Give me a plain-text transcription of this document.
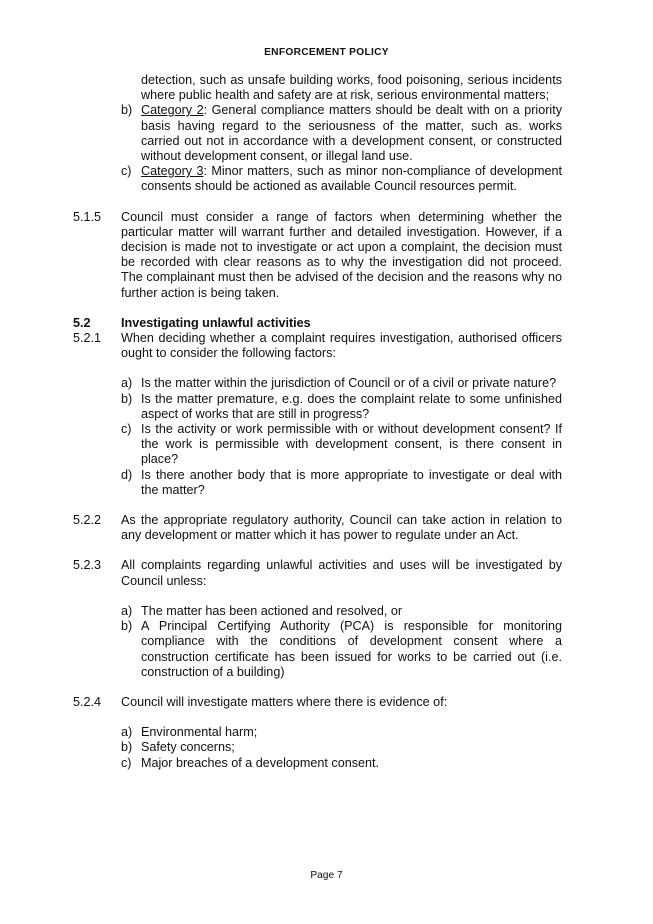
ENFORCEMENT POLICY

detection, such as unsafe building works, food poisoning, serious incidents where public health and safety are at risk, serious environmental matters;

b) Category 2: General compliance matters should be dealt with on a priority basis having regard to the seriousness of the matter, such as. works carried out not in accordance with a development consent, or constructed without development consent, or illegal land use.

c) Category 3: Minor matters, such as minor non-compliance of development consents should be actioned as available Council resources permit.

5.1.5 Council must consider a range of factors when determining whether the particular matter will warrant further and detailed investigation. However, if a decision is made not to investigate or act upon a complaint, the decision must be recorded with clear reasons as to why the investigation did not proceed. The complainant must then be advised of the decision and the reasons why no further action is being taken.

5.2 Investigating unlawful activities

5.2.1 When deciding whether a complaint requires investigation, authorised officers ought to consider the following factors:

a) Is the matter within the jurisdiction of Council or of a civil or private nature?

b) Is the matter premature, e.g. does the complaint relate to some unfinished aspect of works that are still in progress?

c) Is the activity or work permissible with or without development consent? If the work is permissible with development consent, is there consent in place?

d) Is there another body that is more appropriate to investigate or deal with the matter?

5.2.2 As the appropriate regulatory authority, Council can take action in relation to any development or matter which it has power to regulate under an Act.

5.2.3 All complaints regarding unlawful activities and uses will be investigated by Council unless:

a) The matter has been actioned and resolved, or

b) A Principal Certifying Authority (PCA) is responsible for monitoring compliance with the conditions of development consent where a construction certificate has been issued for works to be carried out (i.e. construction of a building)

5.2.4 Council will investigate matters where there is evidence of:

a) Environmental harm;

b) Safety concerns;

c) Major breaches of a development consent.

Page 7
